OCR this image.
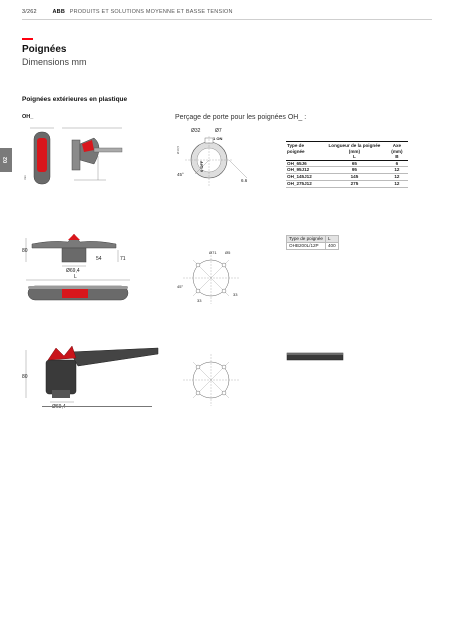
3/262	ABB PRODUITS ET SOLUTIONS MOYENNE ET BASSE TENSION
02
Poignées
Dimensions mm
Poignées extérieures en plastique
OH_	Perçage de porte pour les poignées OH_ :
min
Ø10,5
Ø32	Ø7
1 ON
0 OFF
45°
6.6
Type de poignée	Longueur de la poignée (mm)	Axe (mm)
	L	B
OH_65J6	65	6
OH_95J12	95	12
OH_145J12	145	12
OH_275J12	275	12
80
54	71
Ø69,4
L
Type de poignée	L
OHB200L/12P	400
Ø71 Ø5
45°
33
33
80
Ø69,4
